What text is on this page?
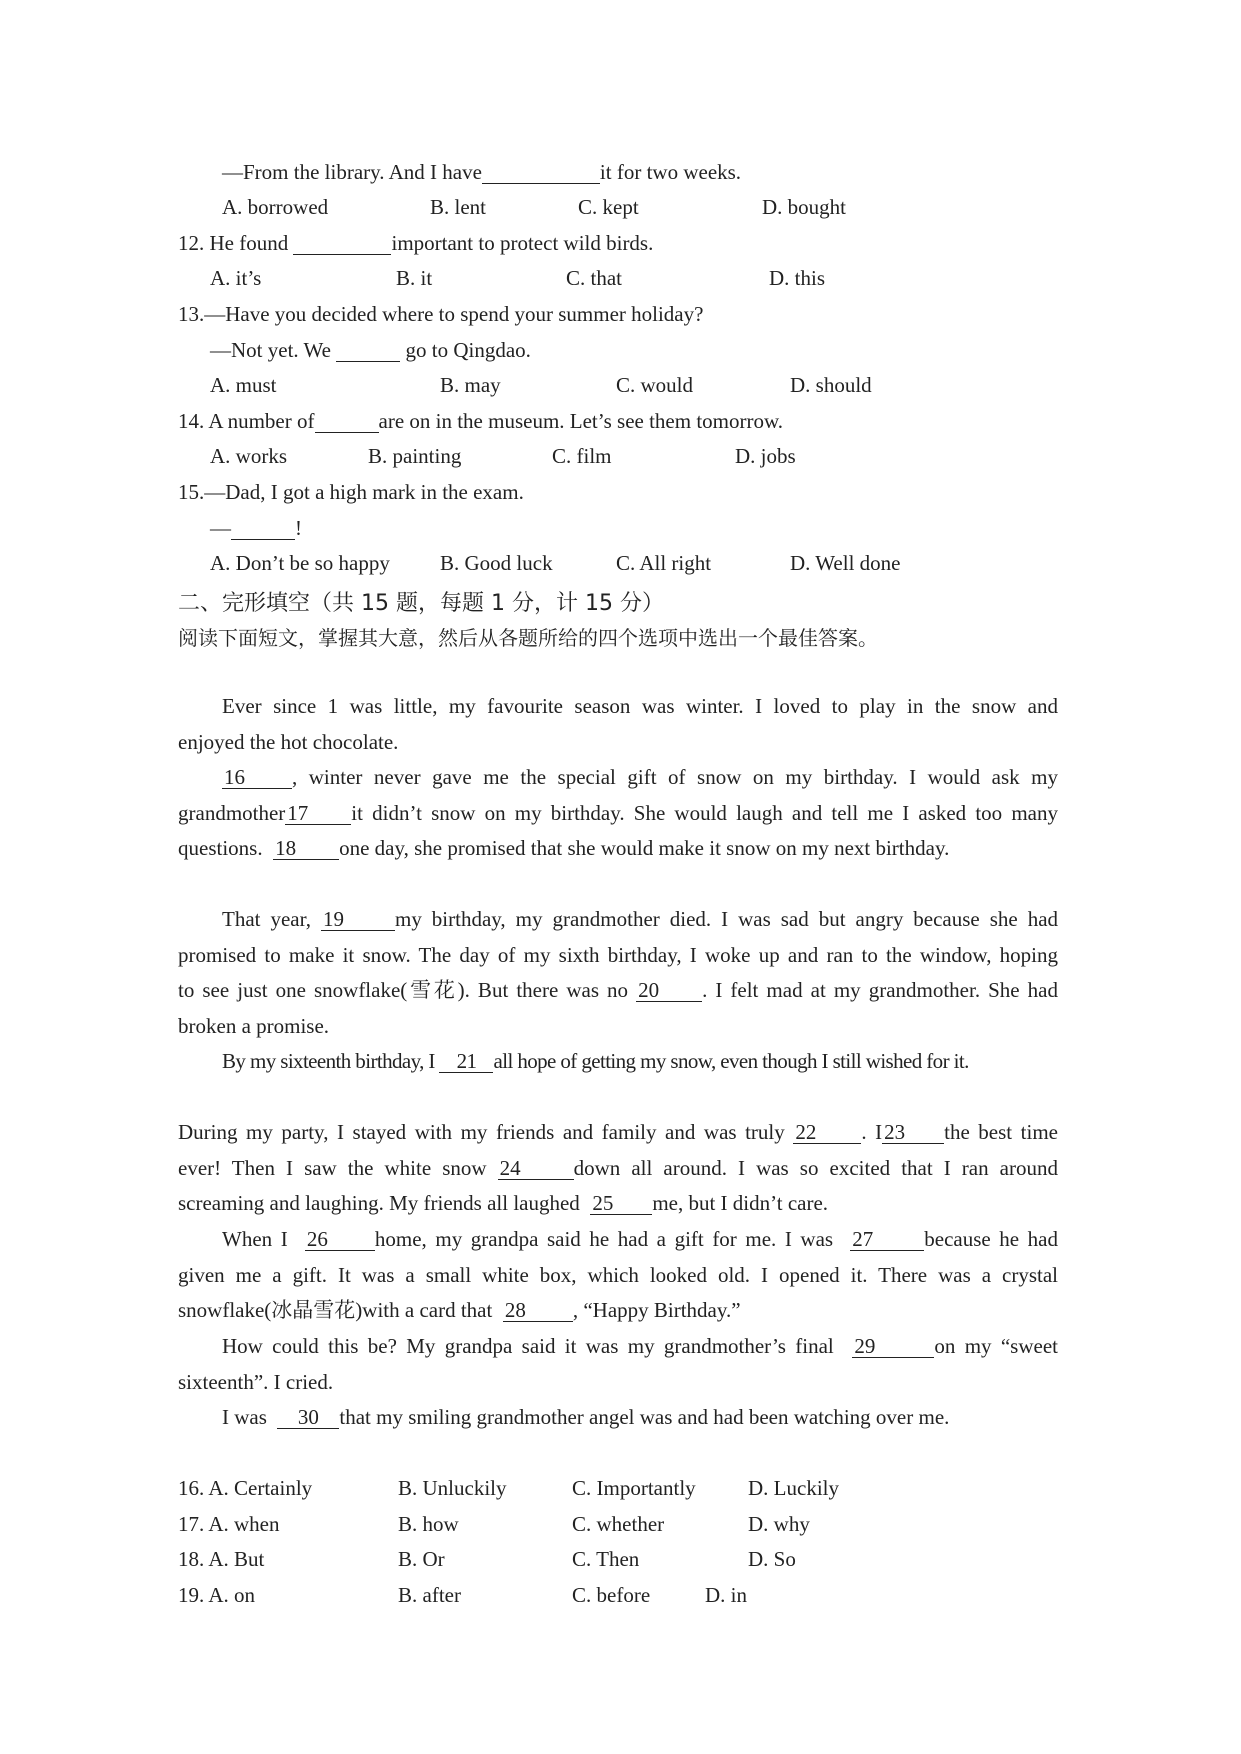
—From the library. And I have	it for two weeks.
A. borrowed	B. lent	C. kept	D. bought
12. He found	important to protect wild birds.
A. it’s	B. it	C. that	D. this
13.—Have you decided where to spend your summer holiday?
—Not yet. We	go to Qingdao.
A. must	B. may	C. would	D. should
14. A number of	are on in the museum. Let’s see them tomorrow.
A. works	B. painting	C. film	D. jobs
15.—Dad, I got a high mark in the exam.
—	!
A. Don’t be so happy B. Good luck	C. All right	D. Well done
二、完形填空（共 15 题，每题 1 分，计 15 分）
阅读下面短文，掌握其大意，然后从各题所给的四个选项中选出一个最佳答案。
Ever since 1 was little, my favourite season was winter. I loved to play in the snow and
enjoyed the hot chocolate.
16 , winter never gave me the special gift of snow on my birthday. I would ask my
grandmother17 it didn’t snow on my birthday. She would laugh and tell me I asked too many
questions. 18 one day, she promised that she would make it snow on my next birthday.
That year, 19 my birthday, my grandmother died. I was sad but angry because she had
promised to make it snow. The day of my sixth birthday, I woke up and ran to the window, hoping
to see just one snowflake(雪花). But there was no 20 . I felt mad at my grandmother. She had
broken a promise.
By my sixteenth birthday, I 21 all hope of getting my snow, even though I still wished for it.
During my party, I stayed with my friends and family and was truly 22 . I23 the best time
ever! Then I saw the white snow 24	down all around. I was so excited that I ran around
screaming and laughing. My friends all laughed 25 me, but I didn’t care.
When I 26 home, my grandpa said he had a gift for me. I was 27 because he had
given me a gift. It was a small white box, which looked old. I opened it. There was a crystal
snowflake(冰晶雪花)with a card that 28 , “Happy Birthday.”
How could this be? My grandpa said it was my grandmother’s final 29	on my “sweet
sixteenth”. I cried.
I was 30 that my smiling grandmother angel was and had been watching over me.
16. A. Certainly	B. Unluckily	C. Importantly D. Luckily
17. A. when	B. how	C. whether	D. why
18. A. But	B. Or	C. Then	D. So
19. A. on	B. after	C. before	D. in
